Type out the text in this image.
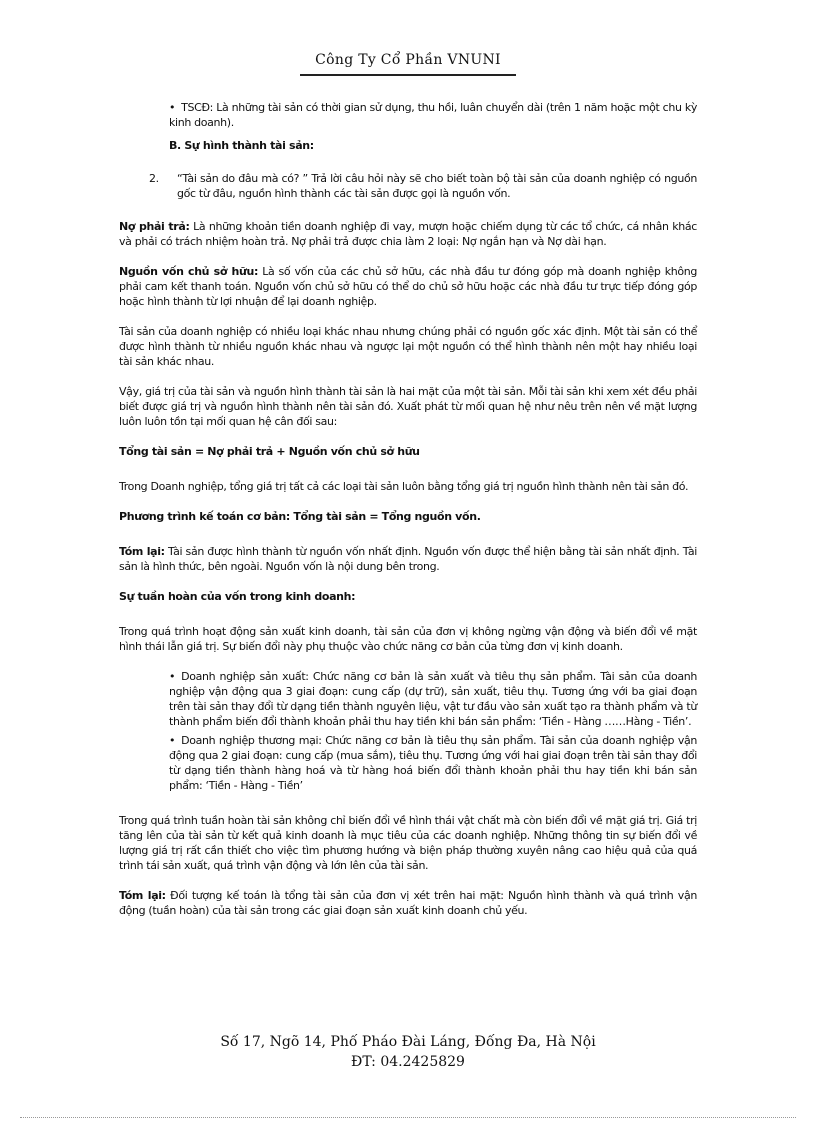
Công Ty Cổ Phần VNUNI
• TSCĐ: Là những tài sản có thời gian sử dụng, thu hồi, luân chuyển dài (trên 1 năm hoặc một chu kỳ kinh doanh).
B. Sự hình thành tài sản:
2.	“Tài sản do đâu mà có? ” Trả lời câu hỏi này sẽ cho biết toàn bộ tài sản của doanh nghiệp có nguồn gốc từ đâu, nguồn hình thành các tài sản được gọi là nguồn vốn.

Nợ phải trả: Là những khoản tiền doanh nghiệp đi vay, mượn hoặc chiếm dụng từ các tổ chức, cá nhân khác và phải có trách nhiệm hoàn trả. Nợ phải trả được chia làm 2 loại: Nợ ngắn hạn và Nợ dài hạn.

Nguồn vốn chủ sở hữu: Là số vốn của các chủ sở hữu, các nhà đầu tư đóng góp mà doanh nghiệp không phải cam kết thanh toán. Nguồn vốn chủ sở hữu có thể do chủ sở hữu hoặc các nhà đầu tư trực tiếp đóng góp hoặc hình thành từ lợi nhuận để lại doanh nghiệp.

Tài sản của doanh nghiệp có nhiều loại khác nhau nhưng chúng phải có nguồn gốc xác định. Một tài sản có thể được hình thành từ nhiều nguồn khác nhau và ngược lại một nguồn có thể hình thành nên một hay nhiều loại tài sản khác nhau.

Vậy, giá trị của tài sản và nguồn hình thành tài sản là hai mặt của một tài sản. Mỗi tài sản khi xem xét đều phải biết được giá trị và nguồn hình thành nên tài sản đó. Xuất phát từ mối quan hệ như nêu trên nên về mặt lượng luôn luôn tồn tại mối quan hệ cân đối sau:

Tổng tài sản = Nợ phải trả + Nguồn vốn chủ sở hữu

Trong Doanh nghiệp, tổng giá trị tất cả các loại tài sản luôn bằng tổng giá trị nguồn hình thành nên tài sản đó.

Phương trình kế toán cơ bản: Tổng tài sản = Tổng nguồn vốn.

Tóm lại: Tài sản được hình thành từ nguồn vốn nhất định. Nguồn vốn được thể hiện bằng tài sản nhất định. Tài sản là hình thức, bên ngoài. Nguồn vốn là nội dung bên trong.

Sự tuần hoàn của vốn trong kinh doanh:

Trong quá trình hoạt động sản xuất kinh doanh, tài sản của đơn vị không ngừng vận động và biến đổi về mặt hình thái lẫn giá trị. Sự biến đổi này phụ thuộc vào chức năng cơ bản của từng đơn vị kinh doanh.

• Doanh nghiệp sản xuất: Chức năng cơ bản là sản xuất và tiêu thụ sản phẩm. Tài sản của doanh nghiệp vận động qua 3 giai đoạn: cung cấp (dự trữ), sản xuất, tiêu thụ. Tương ứng với ba giai đoạn trên tài sản thay đổi từ dạng tiền thành nguyên liệu, vật tư đầu vào sản xuất tạo ra thành phẩm và từ thành phẩm biến đổi thành khoản phải thu hay tiền khi bán sản phẩm: ‘Tiền - Hàng ……Hàng - Tiền’.
• Doanh nghiệp thương mại: Chức năng cơ bản là tiêu thụ sản phẩm. Tài sản của doanh nghiệp vận động qua 2 giai đoạn: cung cấp (mua sắm), tiêu thụ. Tương ứng với hai giai đoạn trên tài sản thay đổi từ dạng tiền thành hàng hoá và từ hàng hoá biến đổi thành khoản phải thu hay tiền khi bán sản phẩm: ‘Tiền - Hàng - Tiền’

Trong quá trình tuần hoàn tài sản không chỉ biến đổi về hình thái vật chất mà còn biến đổi về mặt giá trị. Giá trị tăng lên của tài sản từ kết quả kinh doanh là mục tiêu của các doanh nghiệp. Những thông tin sự biến đổi về lượng giá trị rất cần thiết cho việc tìm phương hướng và biện pháp thường xuyên nâng cao hiệu quả của quá trình tái sản xuất, quá trình vận động và lớn lên của tài sản.

Tóm lại: Đối tượng kế toán là tổng tài sản của đơn vị xét trên hai mặt: Nguồn hình thành và quá trình vận động (tuần hoàn) của tài sản trong các giai đoạn sản xuất kinh doanh chủ yếu.

Số 17, Ngõ 14, Phố Pháo Đài Láng, Đống Đa, Hà Nội
ĐT: 04.2425829
